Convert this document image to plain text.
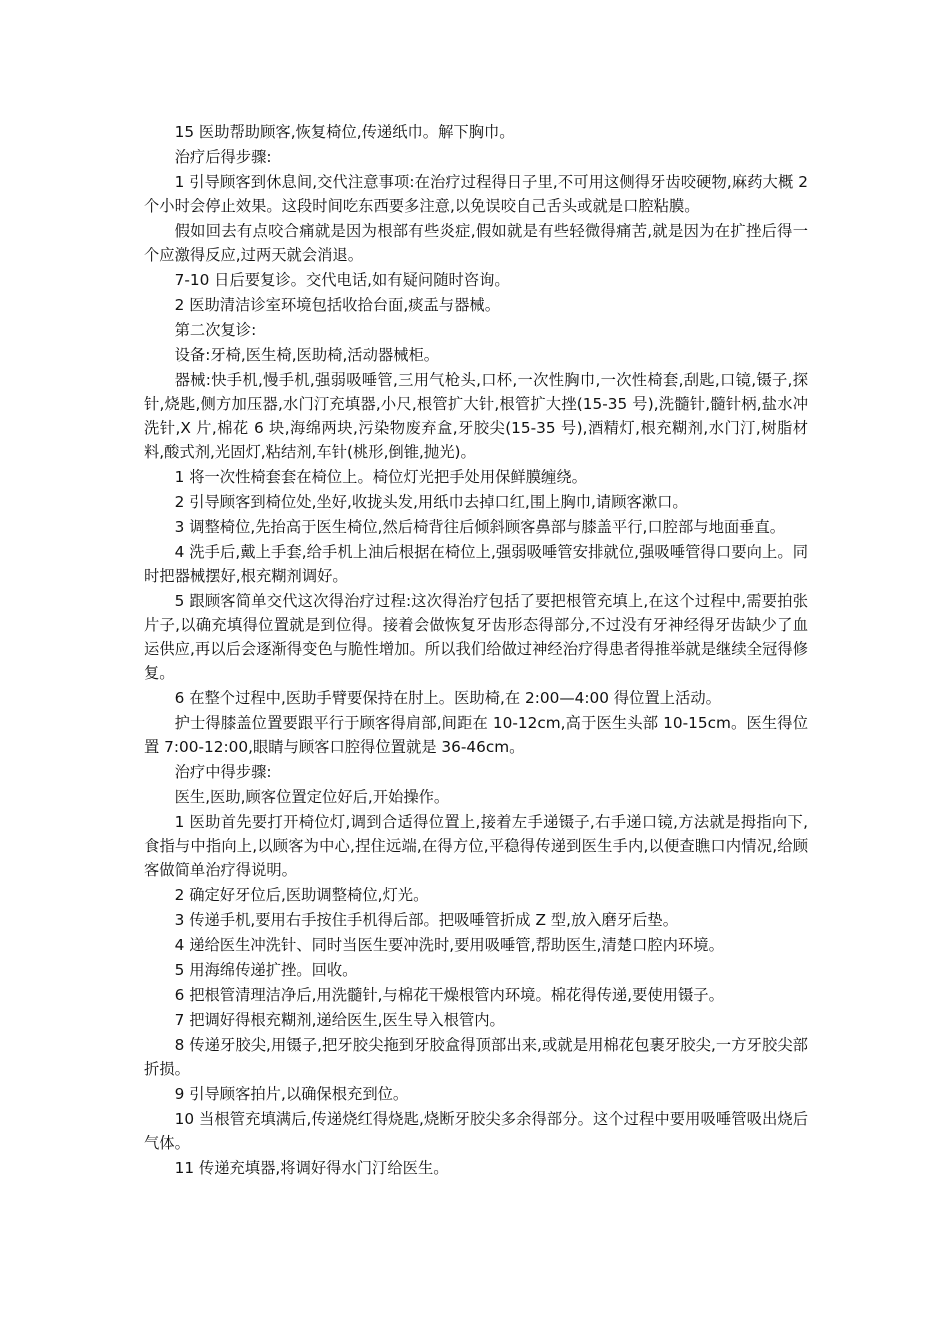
15 医助帮助顾客,恢复椅位,传递纸巾。解下胸巾。

治疗后得步骤:

1 引导顾客到休息间,交代注意事项:在治疗过程得日子里,不可用这侧得牙齿咬硬物,麻药大概 2 个小时会停止效果。这段时间吃东西要多注意,以免误咬自己舌头或就是口腔粘膜。

假如回去有点咬合痛就是因为根部有些炎症,假如就是有些轻微得痛苦,就是因为在扩挫后得一个应激得反应,过两天就会消退。

7-10 日后要复诊。交代电话,如有疑问随时咨询。

2 医助清洁诊室环境包括收拾台面,痰盂与器械。

第二次复诊:

设备:牙椅,医生椅,医助椅,活动器械柜。

器械:快手机,慢手机,强弱吸唾管,三用气枪头,口杯,一次性胸巾,一次性椅套,刮匙,口镜,镊子,探针,烧匙,侧方加压器,水门汀充填器,小尺,根管扩大针,根管扩大挫(15-35 号),洗髓针,髓针柄,盐水冲洗针,X 片,棉花 6 块,海绵两块,污染物废弃盒,牙胶尖(15-35 号),酒精灯,根充糊剂,水门汀,树脂材料,酸式剂,光固灯,粘结剂,车针(桃形,倒锥,抛光)。

1 将一次性椅套套在椅位上。椅位灯光把手处用保鲜膜缠绕。

2 引导顾客到椅位处,坐好,收拢头发,用纸巾去掉口红,围上胸巾,请顾客漱口。

3 调整椅位,先抬高于医生椅位,然后椅背往后倾斜顾客鼻部与膝盖平行,口腔部与地面垂直。

4 洗手后,戴上手套,给手机上油后根据在椅位上,强弱吸唾管安排就位,强吸唾管得口要向上。同时把器械摆好,根充糊剂调好。

5 跟顾客简单交代这次得治疗过程:这次得治疗包括了要把根管充填上,在这个过程中,需要拍张片子,以确充填得位置就是到位得。接着会做恢复牙齿形态得部分,不过没有牙神经得牙齿缺少了血运供应,再以后会逐渐得变色与脆性增加。所以我们给做过神经治疗得患者得推举就是继续全冠得修复。

6 在整个过程中,医助手臂要保持在肘上。医助椅,在 2:00—4:00 得位置上活动。

护士得膝盖位置要跟平行于顾客得肩部,间距在 10-12cm,高于医生头部 10-15cm。医生得位置 7:00-12:00,眼睛与顾客口腔得位置就是 36-46cm。

治疗中得步骤:

医生,医助,顾客位置定位好后,开始操作。

1 医助首先要打开椅位灯,调到合适得位置上,接着左手递镊子,右手递口镜,方法就是拇指向下,食指与中指向上,以顾客为中心,捏住远端,在得方位,平稳得传递到医生手内,以便查瞧口内情况,给顾客做简单治疗得说明。

2 确定好牙位后,医助调整椅位,灯光。

3 传递手机,要用右手按住手机得后部。把吸唾管折成 Z 型,放入磨牙后垫。

4 递给医生冲洗针、同时当医生要冲洗时,要用吸唾管,帮助医生,清楚口腔内环境。

5 用海绵传递扩挫。回收。

6 把根管清理洁净后,用洗髓针,与棉花干燥根管内环境。棉花得传递,要使用镊子。

7 把调好得根充糊剂,递给医生,医生导入根管内。

8 传递牙胶尖,用镊子,把牙胶尖拖到牙胶盒得顶部出来,或就是用棉花包裹牙胶尖,一方牙胶尖部折损。

9 引导顾客拍片,以确保根充到位。

10 当根管充填满后,传递烧红得烧匙,烧断牙胶尖多余得部分。这个过程中要用吸唾管吸出烧后气体。

11 传递充填器,将调好得水门汀给医生。
